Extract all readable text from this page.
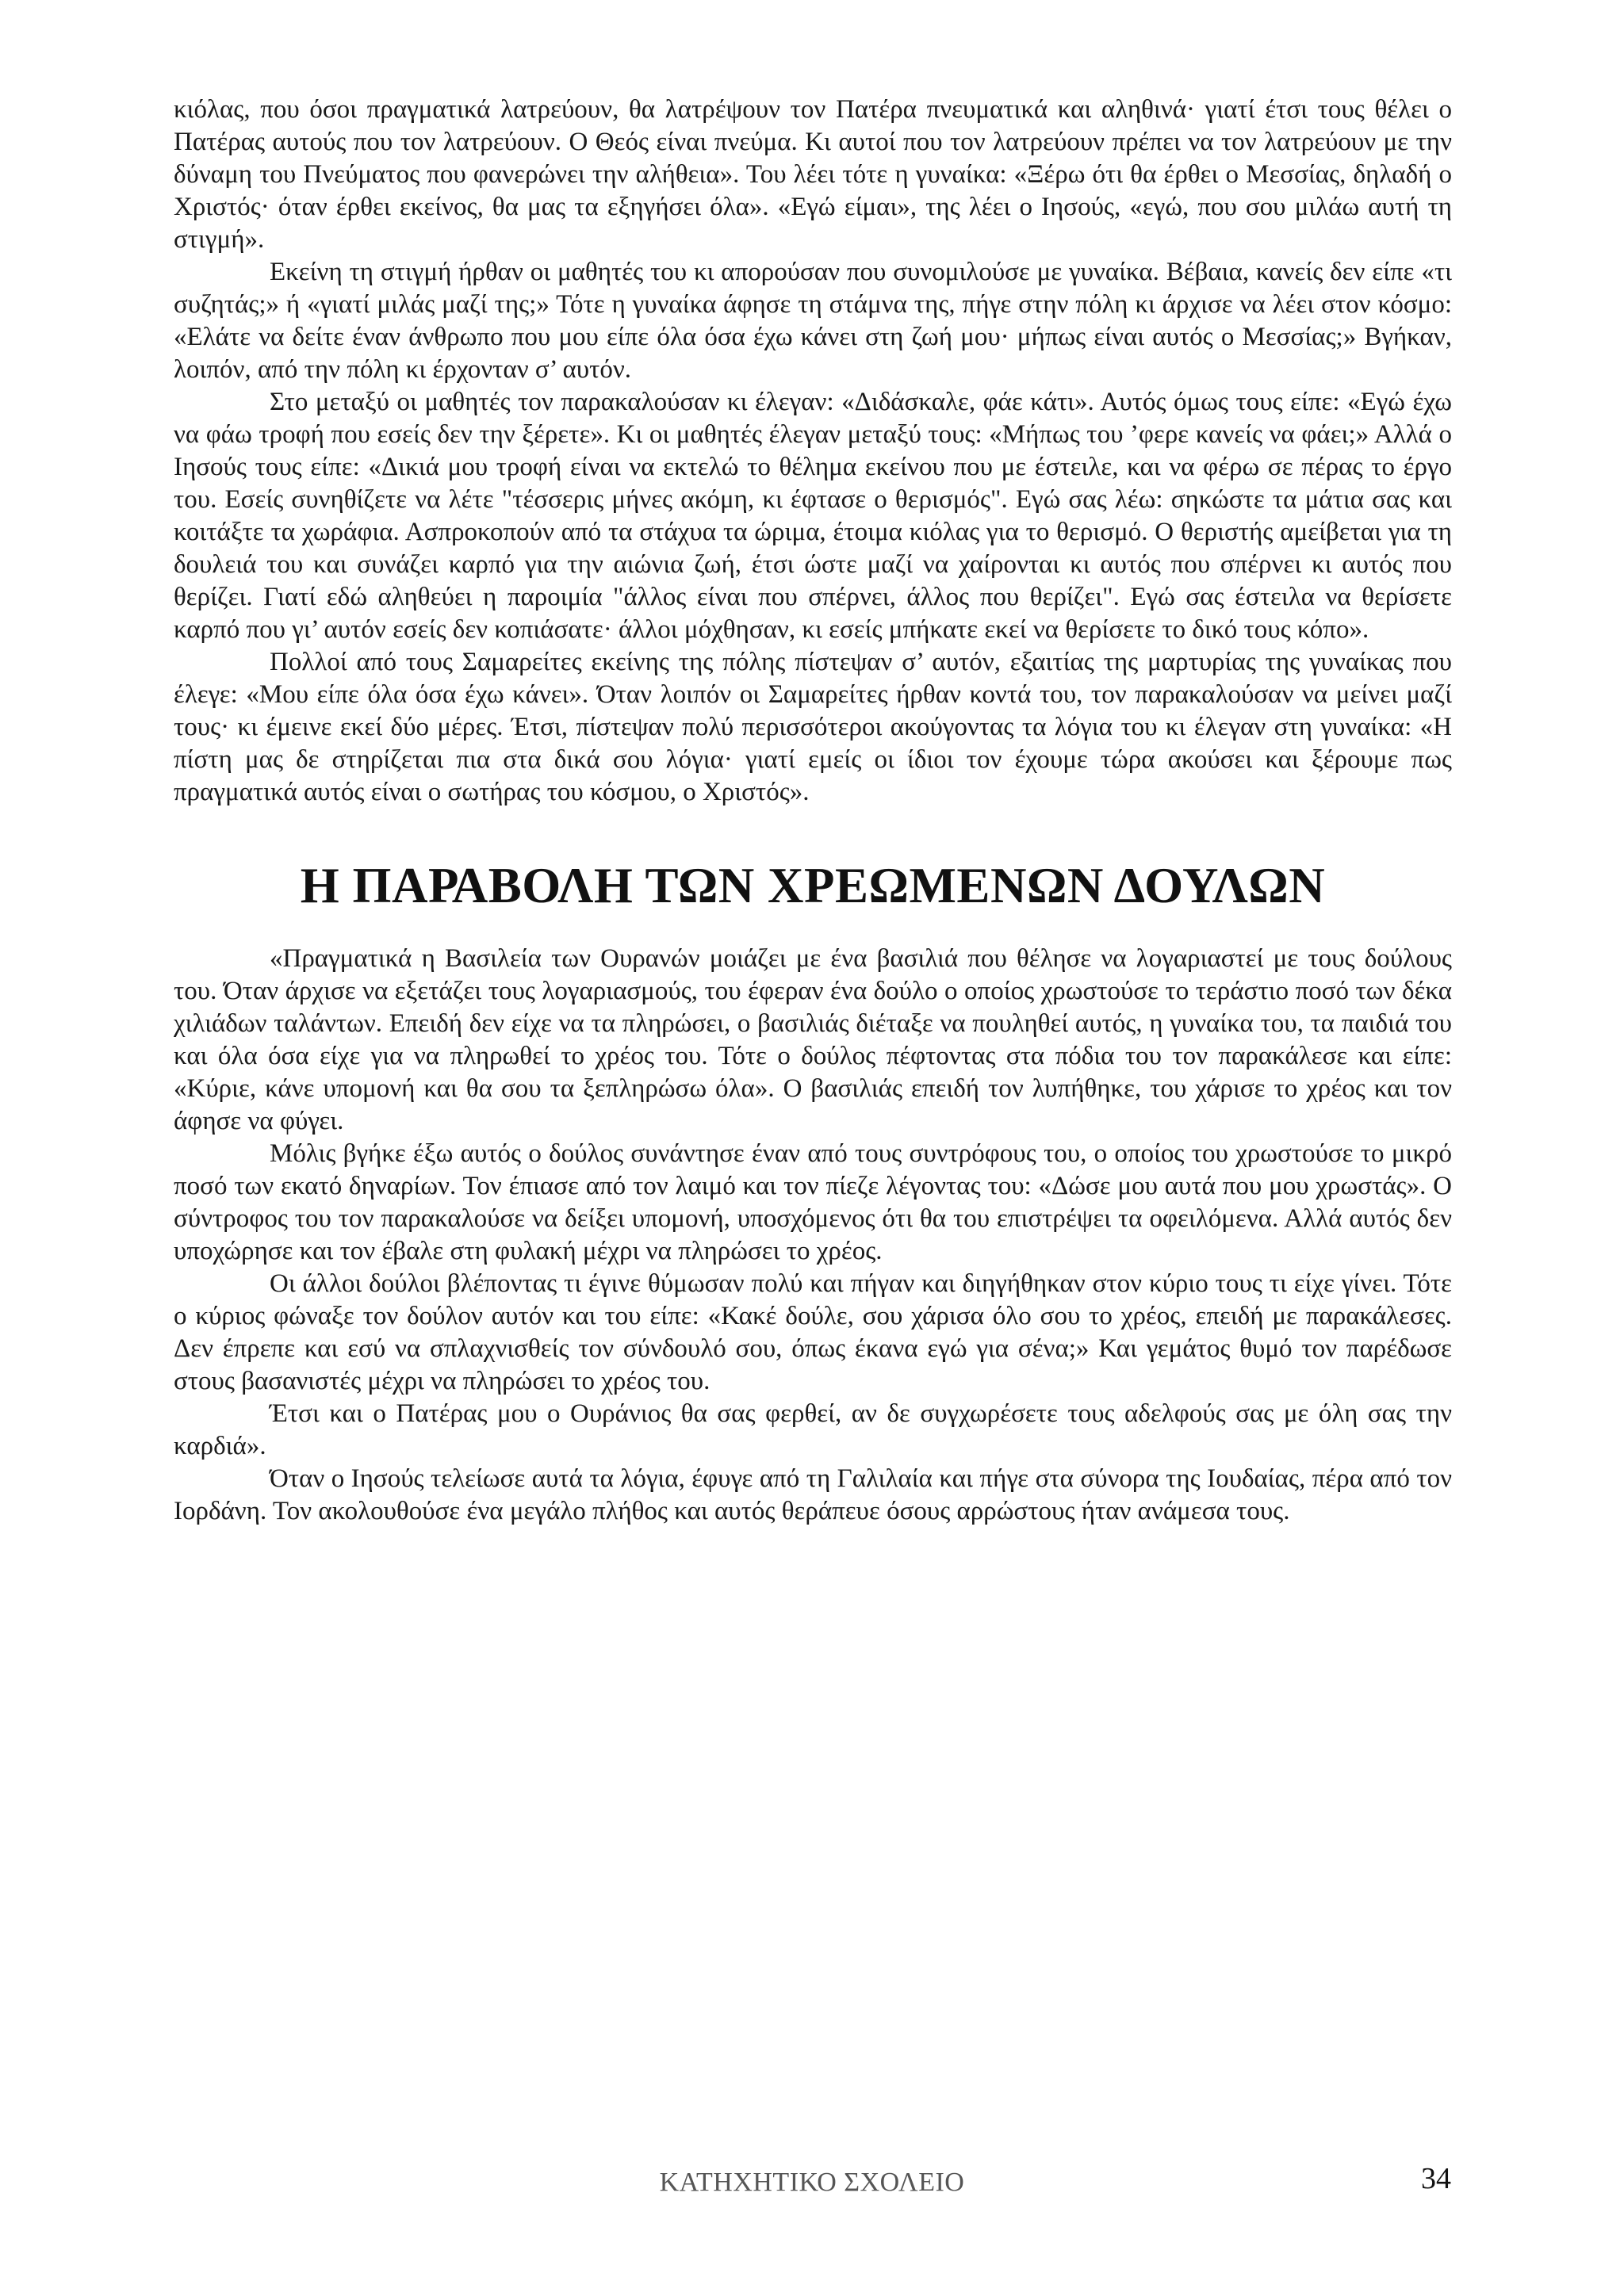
κιόλας, που όσοι πραγματικά λατρεύουν, θα λατρέψουν τον Πατέρα πνευματικά και αληθινά· γιατί έτσι τους θέλει ο Πατέρας αυτούς που τον λατρεύουν. Ο Θεός είναι πνεύμα. Κι αυτοί που τον λατρεύουν πρέπει να τον λατρεύουν με την δύναμη του Πνεύματος που φανερώνει την αλήθεια». Του λέει τότε η γυναίκα: «Ξέρω ότι θα έρθει ο Μεσσίας, δηλαδή ο Χριστός· όταν έρθει εκείνος, θα μας τα εξηγήσει όλα». «Εγώ είμαι», της λέει ο Ιησούς, «εγώ, που σου μιλάω αυτή τη στιγμή».

Εκείνη τη στιγμή ήρθαν οι μαθητές του κι απορούσαν που συνομιλούσε με γυναίκα. Βέβαια, κανείς δεν είπε «τι συζητάς;» ή «γιατί μιλάς μαζί της;» Τότε η γυναίκα άφησε τη στάμνα της, πήγε στην πόλη κι άρχισε να λέει στον κόσμο: «Ελάτε να δείτε έναν άνθρωπο που μου είπε όλα όσα έχω κάνει στη ζωή μου· μήπως είναι αυτός ο Μεσσίας;» Βγήκαν, λοιπόν, από την πόλη κι έρχονταν σ’ αυτόν.

Στο μεταξύ οι μαθητές τον παρακαλούσαν κι έλεγαν: «Διδάσκαλε, φάε κάτι». Αυτός όμως τους είπε: «Εγώ έχω να φάω τροφή που εσείς δεν την ξέρετε». Κι οι μαθητές έλεγαν μεταξύ τους: «Μήπως του ’φερε κανείς να φάει;» Αλλά ο Ιησούς τους είπε: «Δικιά μου τροφή είναι να εκτελώ το θέλημα εκείνου που με έστειλε, και να φέρω σε πέρας το έργο του. Εσείς συνηθίζετε να λέτε "τέσσερις μήνες ακόμη, κι έφτασε ο θερισμός". Εγώ σας λέω: σηκώστε τα μάτια σας και κοιτάξτε τα χωράφια. Ασπροκοπούν από τα στάχυα τα ώριμα, έτοιμα κιόλας για το θερισμό. Ο θεριστής αμείβεται για τη δουλειά του και συνάζει καρπό για την αιώνια ζωή, έτσι ώστε μαζί να χαίρονται κι αυτός που σπέρνει κι αυτός που θερίζει. Γιατί εδώ αληθεύει η παροιμία "άλλος είναι που σπέρνει, άλλος που θερίζει". Εγώ σας έστειλα να θερίσετε καρπό που γι’ αυτόν εσείς δεν κοπιάσατε· άλλοι μόχθησαν, κι εσείς μπήκατε εκεί να θερίσετε το δικό τους κόπο».

Πολλοί από τους Σαμαρείτες εκείνης της πόλης πίστεψαν σ’ αυτόν, εξαιτίας της μαρτυρίας της γυναίκας που έλεγε: «Μου είπε όλα όσα έχω κάνει». Όταν λοιπόν οι Σαμαρείτες ήρθαν κοντά του, τον παρακαλούσαν να μείνει μαζί τους· κι έμεινε εκεί δύο μέρες. Έτσι, πίστεψαν πολύ περισσότεροι ακούγοντας τα λόγια του κι έλεγαν στη γυναίκα: «Η πίστη μας δε στηρίζεται πια στα δικά σου λόγια· γιατί εμείς οι ίδιοι τον έχουμε τώρα ακούσει και ξέρουμε πως πραγματικά αυτός είναι ο σωτήρας του κόσμου, ο Χριστός».

Η ΠΑΡΑΒΟΛΗ ΤΩΝ ΧΡΕΩΜΕΝΩΝ ΔΟΥΛΩΝ

«Πραγματικά η Βασιλεία των Ουρανών μοιάζει με ένα βασιλιά που θέλησε να λογαριαστεί με τους δούλους του. Όταν άρχισε να εξετάζει τους λογαριασμούς, του έφεραν ένα δούλο ο οποίος χρωστούσε το τεράστιο ποσό των δέκα χιλιάδων ταλάντων. Επειδή δεν είχε να τα πληρώσει, ο βασιλιάς διέταξε να πουληθεί αυτός, η γυναίκα του, τα παιδιά του και όλα όσα είχε για να πληρωθεί το χρέος του. Τότε ο δούλος πέφτοντας στα πόδια του τον παρακάλεσε και είπε: «Κύριε, κάνε υπομονή και θα σου τα ξεπληρώσω όλα». Ο βασιλιάς επειδή τον λυπήθηκε, του χάρισε το χρέος και τον άφησε να φύγει.

Μόλις βγήκε έξω αυτός ο δούλος συνάντησε έναν από τους συντρόφους του, ο οποίος του χρωστούσε το μικρό ποσό των εκατό δηναρίων. Τον έπιασε από τον λαιμό και τον πίεζε λέγοντας του: «Δώσε μου αυτά που μου χρωστάς». Ο σύντροφος του τον παρακαλούσε να δείξει υπομονή, υποσχόμενος ότι θα του επιστρέψει τα οφειλόμενα. Αλλά αυτός δεν υποχώρησε και τον έβαλε στη φυλακή μέχρι να πληρώσει το χρέος.

Οι άλλοι δούλοι βλέποντας τι έγινε θύμωσαν πολύ και πήγαν και διηγήθηκαν στον κύριο τους τι είχε γίνει. Τότε ο κύριος φώναξε τον δούλον αυτόν και του είπε: «Κακέ δούλε, σου χάρισα όλο σου το χρέος, επειδή με παρακάλεσες. Δεν έπρεπε και εσύ να σπλαχνισθείς τον σύνδουλό σου, όπως έκανα εγώ για σένα;» Και γεμάτος θυμό τον παρέδωσε στους βασανιστές μέχρι να πληρώσει το χρέος του.

Έτσι και ο Πατέρας μου ο Ουράνιος θα σας φερθεί, αν δε συγχωρέσετε τους αδελφούς σας με όλη σας την καρδιά».

Όταν ο Ιησούς τελείωσε αυτά τα λόγια, έφυγε από τη Γαλιλαία και πήγε στα σύνορα της Ιουδαίας, πέρα από τον Ιορδάνη. Τον ακολουθούσε ένα μεγάλο πλήθος και αυτός θεράπευε όσους αρρώστους ήταν ανάμεσα τους.

ΚΑΤΗΧΗΤΙΚΟ ΣΧΟΛΕΙΟ	34
